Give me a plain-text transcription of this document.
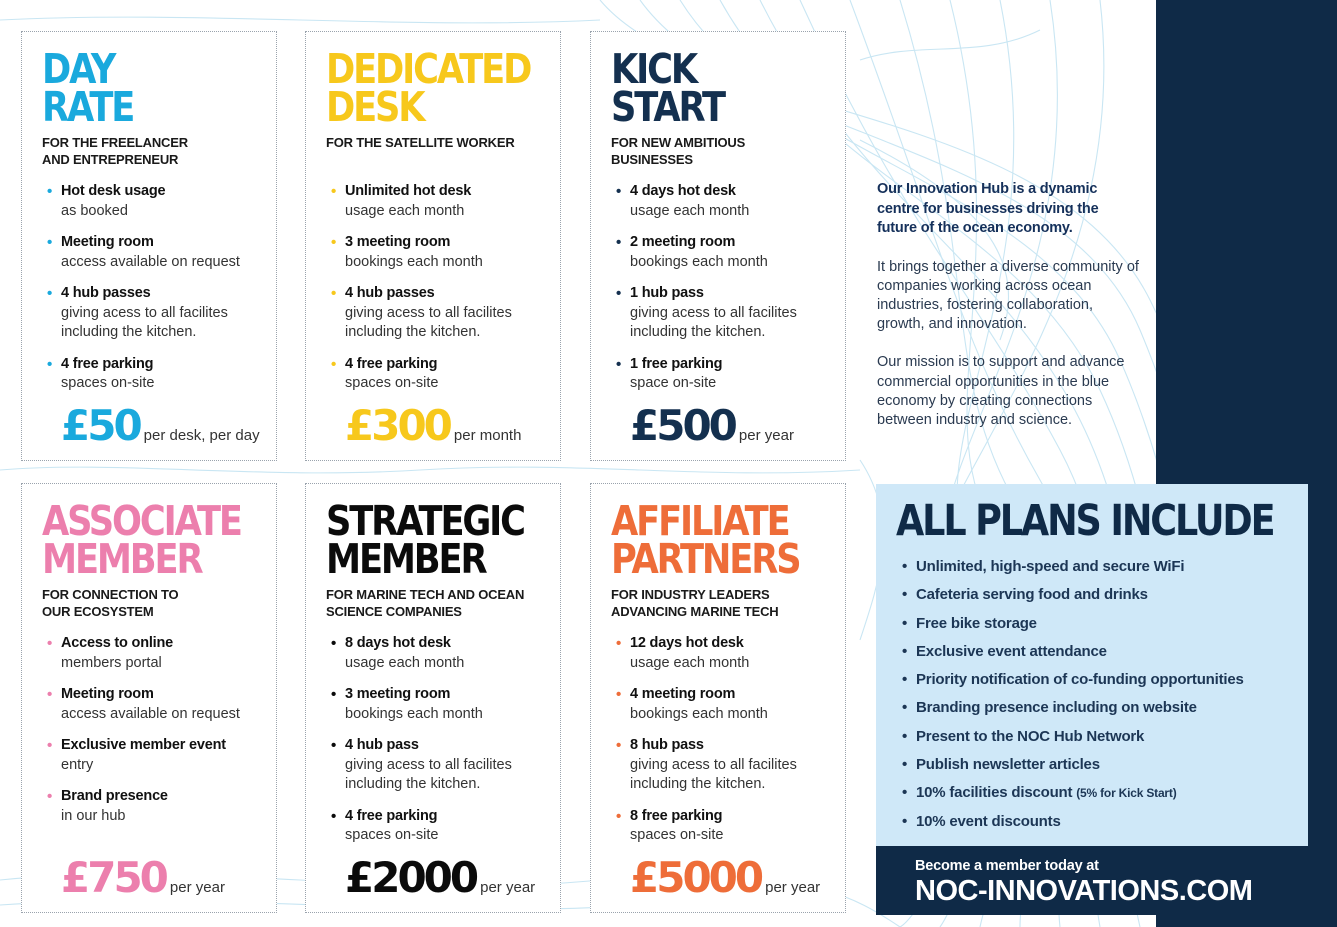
DAY
RATE

FOR THE FREELANCER AND ENTREPRENEUR

• Hot desk usage
as booked
• Meeting room
access available on request
• 4 hub passes
giving acess to all facilites including the kitchen.
• 4 free parking
spaces on-site
£50 per desk, per day
DEDICATED
DESK

FOR THE SATELLITE WORKER

• Unlimited hot desk
usage each month
• 3 meeting room
bookings each month
• 4 hub passes
giving acess to all facilites including the kitchen.
• 4 free parking
spaces on-site
£300 per month
KICK
START

FOR NEW AMBITIOUS BUSINESSES

• 4 days hot desk
usage each month
• 2 meeting room
bookings each month
• 1 hub pass
giving acess to all facilites including the kitchen.
• 1 free parking
space on-site
£500 per year
ASSOCIATE
MEMBER

FOR CONNECTION TO OUR ECOSYSTEM

• Access to online
members portal
• Meeting room
access available on request
• Exclusive member event
entry
• Brand presence
in our hub
£750 per year
STRATEGIC
MEMBER

FOR MARINE TECH AND OCEAN SCIENCE COMPANIES

• 8 days hot desk
usage each month
• 3 meeting room
bookings each month
• 4 hub pass
giving acess to all facilites including the kitchen.
• 4 free parking
spaces on-site
£2000 per year
AFFILIATE
PARTNERS

FOR INDUSTRY LEADERS ADVANCING MARINE TECH

• 12 days hot desk
usage each month
• 4 meeting room
bookings each month
• 8 hub pass
giving acess to all facilites including the kitchen.
• 8 free parking
spaces on-site
£5000 per year

Our Innovation Hub is a dynamic centre for businesses driving the future of the ocean economy.

It brings together a diverse community of companies working across ocean industries, fostering collaboration, growth, and innovation.

Our mission is to support and advance commercial opportunities in the blue economy by creating connections between industry and science.

ALL PLANS INCLUDE
• Unlimited, high-speed and secure WiFi
• Cafeteria serving food and drinks
• Free bike storage
• Exclusive event attendance
• Priority notification of co-funding opportunities
• Branding presence including on website
• Present to the NOC Hub Network
• Publish newsletter articles
• 10% facilities discount (5% for Kick Start)
• 10% event discounts
Become a member today at
NOC-INNOVATIONS.COM
